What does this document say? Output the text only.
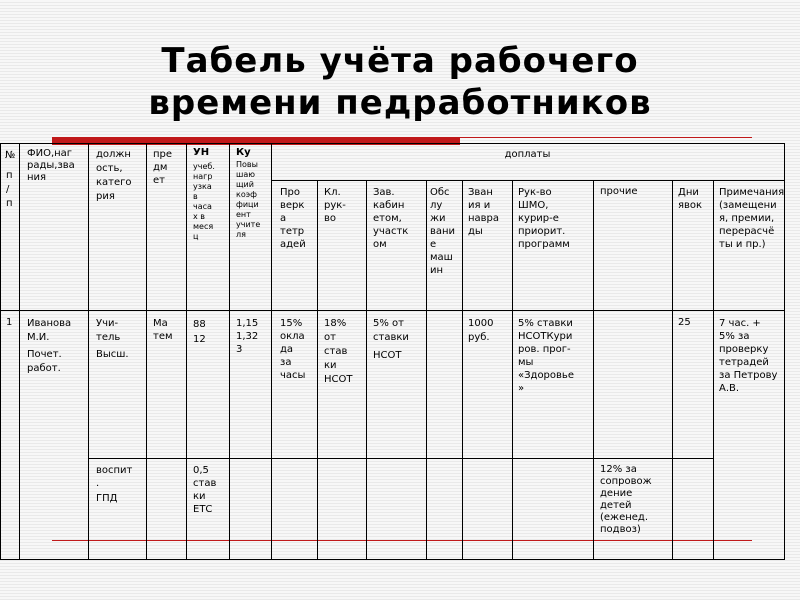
Табель учёта рабочего
времени педработников
№
п
/
п
ФИО,наг
рады,зва
ния
должн
ость,
катего
рия
пре
дм
ет
УН
учеб.
нагр
узка
в
часа
х в
меся
ц
Ку
Повы
шаю
щий
коэф
фици
ент
учите
ля
доплаты
Про
верк
а
тетр
адей
Кл.
рук-
во
Зав.
кабин
етом,
участк
ом
Обс
лу
жи
вани
е
маш
ин
Зван
ия и
навра
ды
Рук-во
ШМО,
курир-е
приорит.
программ
прочие	Дни
явок
Примечания
(замещени
я, премии,
перерасчё
ты и пр.)
1 Иванова
М.И.
Почет.
работ.
Учи-
тель
Высш.
Ма
тем
88
12
1,15
1,32
3
15%
окла
да
за
часы
18%
от
став
ки
НСОТ
5% от
ставки
НСОТ
1000
руб.
5% ставки
НСОТКури
ров. прог-
мы
«Здоровье
»
25	7 час. +
5% за
проверку
тетрадей
за Петрову
А.В.
воспит
.
ГПД
0,5
став
ки
ЕТС
12% за
сопровож
дение
детей
(еженед.
подвоз)
